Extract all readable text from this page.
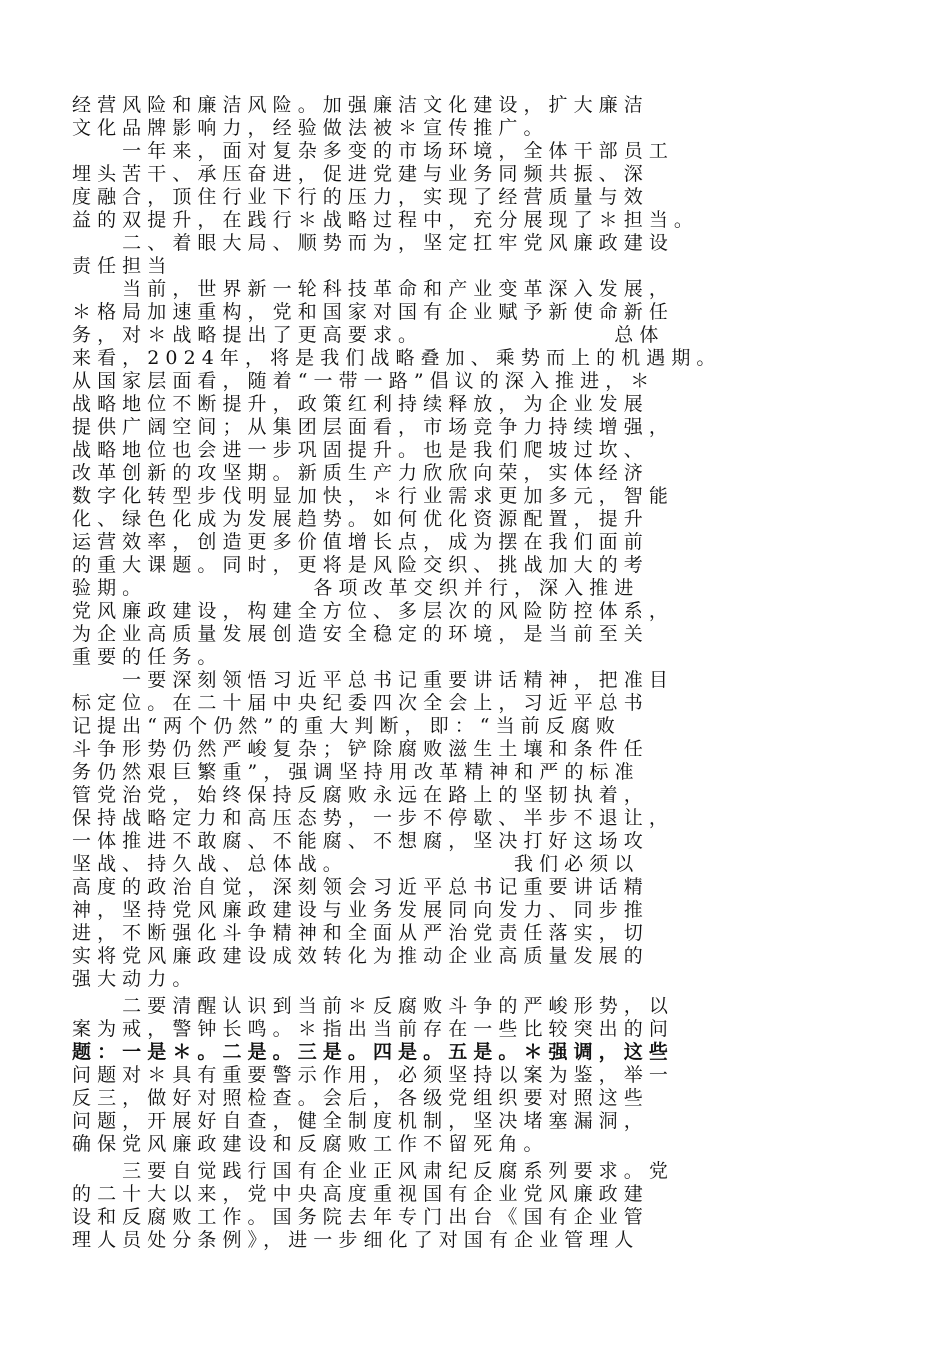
经营风险和廉洁风险。加强廉洁文化建设，扩大廉洁
文化品牌影响力，经验做法被＊宣传推广。
　　一年来，面对复杂多变的市场环境，全体干部员工
埋头苦干、承压奋进，促进党建与业务同频共振、深
度融合，顶住行业下行的压力，实现了经营质量与效
益的双提升，在践行＊战略过程中，充分展现了＊担当。
　　二、着眼大局、顺势而为，坚定扛牢党风廉政建设
责任担当
　　当前，世界新一轮科技革命和产业变革深入发展，
＊格局加速重构，党和国家对国有企业赋予新使命新任
务，对＊战略提出了更高要求。　　　　　　　　总体
来看，2024年，将是我们战略叠加、乘势而上的机遇期。
从国家层面看，随着“一带一路”倡议的深入推进，＊
战略地位不断提升，政策红利持续释放，为企业发展
提供广阔空间；从集团层面看，市场竞争力持续增强，
战略地位也会进一步巩固提升。也是我们爬坡过坎、
改革创新的攻坚期。新质生产力欣欣向荣，实体经济
数字化转型步伐明显加快，＊行业需求更加多元，智能
化、绿色化成为发展趋势。如何优化资源配置，提升
运营效率，创造更多价值增长点，成为摆在我们面前
的重大课题。同时，更将是风险交织、挑战加大的考
验期。　　　　　　　各项改革交织并行，深入推进
党风廉政建设，构建全方位、多层次的风险防控体系，
为企业高质量发展创造安全稳定的环境，是当前至关
重要的任务。
　　一要深刻领悟习近平总书记重要讲话精神，把准目
标定位。在二十届中央纪委四次全会上，习近平总书
记提出“两个仍然”的重大判断，即：“当前反腐败
斗争形势仍然严峻复杂；铲除腐败滋生土壤和条件任
务仍然艰巨繁重”，强调坚持用改革精神和严的标准
管党治党，始终保持反腐败永远在路上的坚韧执着，
保持战略定力和高压态势，一步不停歇、半步不退让，
一体推进不敢腐、不能腐、不想腐，坚决打好这场攻
坚战、持久战、总体战。　　　　　　　我们必须以
高度的政治自觉，深刻领会习近平总书记重要讲话精
神，坚持党风廉政建设与业务发展同向发力、同步推
进，不断强化斗争精神和全面从严治党责任落实，切
实将党风廉政建设成效转化为推动企业高质量发展的
强大动力。
　　二要清醒认识到当前＊反腐败斗争的严峻形势，以
案为戒，警钟长鸣。＊指出当前存在一些比较突出的问
题：一是＊。二是。三是。四是。五是。＊强调，这些
问题对＊具有重要警示作用，必须坚持以案为鉴，举一
反三，做好对照检查。会后，各级党组织要对照这些
问题，开展好自查，健全制度机制，坚决堵塞漏洞，
确保党风廉政建设和反腐败工作不留死角。
　　三要自觉践行国有企业正风肃纪反腐系列要求。党
的二十大以来，党中央高度重视国有企业党风廉政建
设和反腐败工作。国务院去年专门出台《国有企业管
理人员处分条例》，进一步细化了对国有企业管理人
